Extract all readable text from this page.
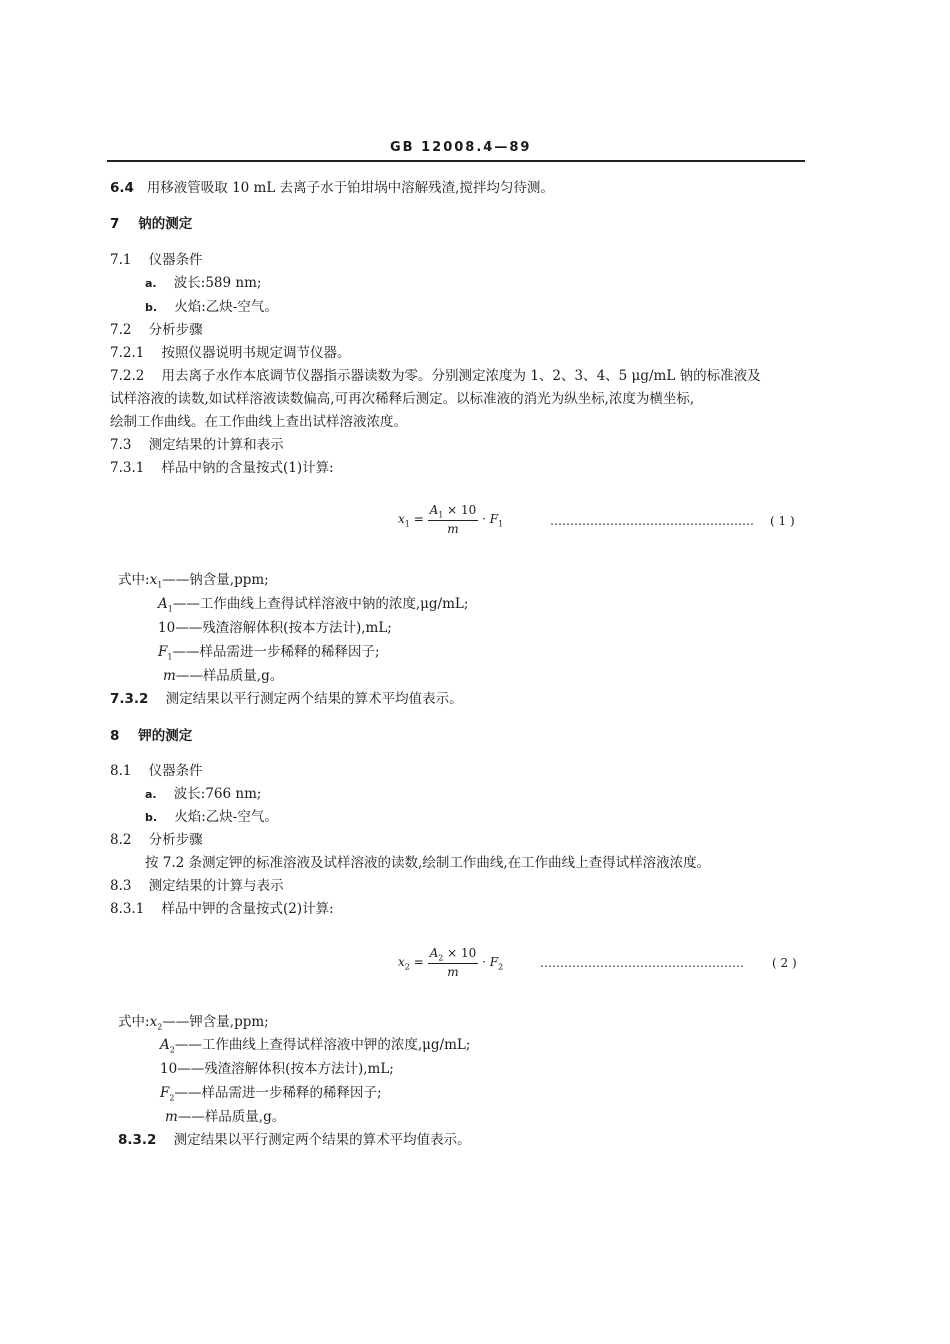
GB 12008.4—89
6.4 用移液管吸取 10 mL 去离子水于铂坩埚中溶解残渣,搅拌均匀待测。
7 钠的测定
7.1 仪器条件
a. 波长:589 nm;
b. 火焰:乙炔-空气。
7.2 分析步骤
7.2.1 按照仪器说明书规定调节仪器。
7.2.2 用去离子水作本底调节仪器指示器读数为零。分别测定浓度为 1、2、3、4、5 μg/mL 钠的标准液及
试样溶液的读数,如试样溶液读数偏高,可再次稀释后测定。以标准液的消光为纵坐标,浓度为横坐标,
绘制工作曲线。在工作曲线上查出试样溶液浓度。
7.3 测定结果的计算和表示
7.3.1 样品中钠的含量按式(1)计算:
$x_1 = \frac{A_1 \times 10}{m} \cdot F_1$	…………………………………………… ( 1 )
式中$:x_1——$钠含量,ppm;
$A_1——$工作曲线上查得试样溶液中钠的浓度,μg/mL;
10——残渣溶解体积(按本方法计),mL;
$F_1——$样品需进一步稀释的稀释因子;
m——样品质量,g。
7.3.2 测定结果以平行测定两个结果的算术平均值表示。
8 钾的测定
8.1 仪器条件
a. 波长:766 nm;
b. 火焰:乙炔-空气。
8.2 分析步骤
按 7.2 条测定钾的标准溶液及试样溶液的读数,绘制工作曲线,在工作曲线上查得试样溶液浓度。
8.3 测定结果的计算与表示
8.3.1 样品中钾的含量按式(2)计算:
$x_2 = \frac{A_2 \times 10}{m} \cdot F_2$	…………………………………………… ( 2 )
式中$:x_2——$钾含量,ppm;
$A_2——$工作曲线上查得试样溶液中钾的浓度,μg/mL;
10——残渣溶解体积(按本方法计),mL;
$F_2——$样品需进一步稀释的稀释因子;
m——样品质量,g。
8.3.2 测定结果以平行测定两个结果的算术平均值表示。
